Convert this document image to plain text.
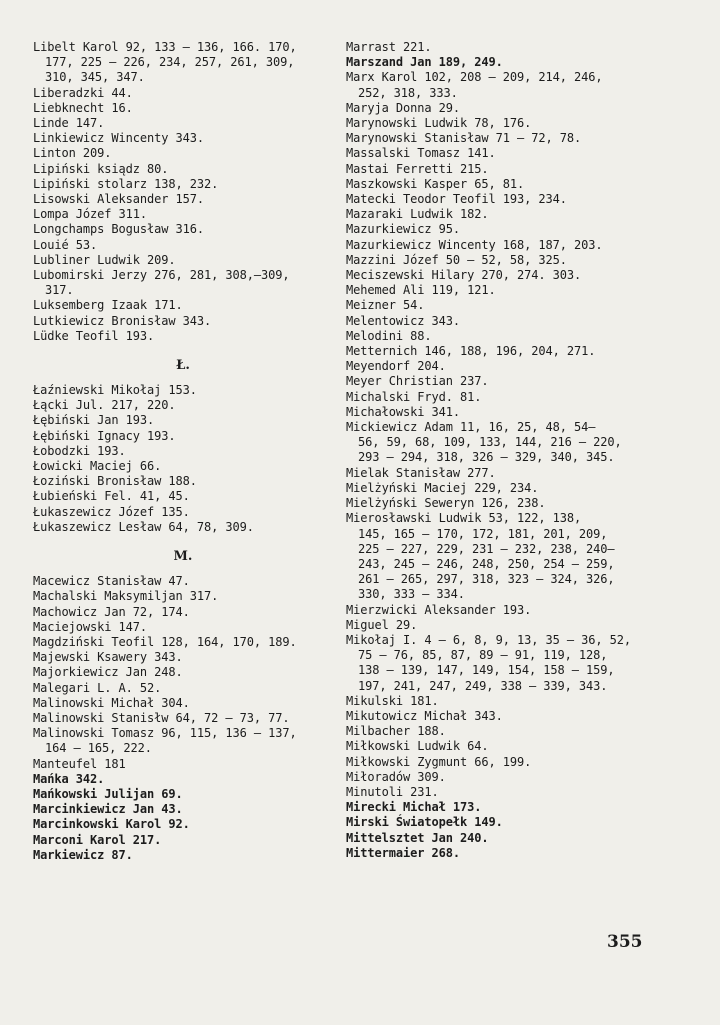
Libelt Karol 92, 133 — 136, 166. 170,
177, 225 — 226, 234, 257, 261, 309,
310, 345, 347.
Liberadzki 44.
Liebknecht 16.
Linde 147.
Linkiewicz Wincenty 343.
Linton 209.
Lipiński ksiądz 80.
Lipiński stolarz 138, 232.
Lisowski Aleksander 157.
Lompa Józef 311.
Longchamps Bogusław 316.
Louié 53.
Lubliner Ludwik 209.
Lubomirski Jerzy 276, 281, 308,—309,
317.
Luksemberg Izaak 171.
Lutkiewicz Bronisław 343.
Lüdke Teofil 193.
Ł.
Łaźniewski Mikołaj 153.
Łącki Jul. 217, 220.
Łębiński Jan 193.
Łębiński Ignacy 193.
Łobodzki 193.
Łowicki Maciej 66.
Łoziński Bronisław 188.
Łubieński Fel. 41, 45.
Łukaszewicz Józef 135.
Łukaszewicz Lesław 64, 78, 309.
M.
Macewicz Stanisław 47.
Machalski Maksymiljan 317.
Machowicz Jan 72, 174.
Maciejowski 147.
Magdziński Teofil 128, 164, 170, 189.
Majewski Ksawery 343.
Majorkiewicz Jan 248.
Malegari L. A. 52.
Malinowski Michał 304.
Malinowski Stanisłw 64, 72 — 73, 77.
Malinowski Tomasz 96, 115, 136 — 137,
164 — 165, 222.
Manteufel 181
Mańka 342.
Mańkowski Julijan 69.
Marcinkiewicz Jan 43.
Marcinkowski Karol 92.
Marconi Karol 217.
Markiewicz 87.
Marrast 221.
Marszand Jan 189, 249.
Marx Karol 102, 208 — 209, 214, 246,
252, 318, 333.
Maryja Donna 29.
Marynowski Ludwik 78, 176.
Marynowski Stanisław 71 — 72, 78.
Massalski Tomasz 141.
Mastai Ferretti 215.
Maszkowski Kasper 65, 81.
Matecki Teodor Teofil 193, 234.
Mazaraki Ludwik 182.
Mazurkiewicz 95.
Mazurkiewicz Wincenty 168, 187, 203.
Mazzini Józef 50 — 52, 58, 325.
Meciszewski Hilary 270, 274. 303.
Mehemed Ali 119, 121.
Meizner 54.
Melentowicz 343.
Melodini 88.
Metternich 146, 188, 196, 204, 271.
Meyendorf 204.
Meyer Christian 237.
Michalski Fryd. 81.
Michałowski 341.
Mickiewicz Adam 11, 16, 25, 48, 54—
56, 59, 68, 109, 133, 144, 216 — 220,
293 — 294, 318, 326 — 329, 340, 345.
Mielak Stanisław 277.
Mielżyński Maciej 229, 234.
Mielżyński Seweryn 126, 238.
Mierosławski Ludwik 53, 122, 138,
145, 165 — 170, 172, 181, 201, 209,
225 — 227, 229, 231 — 232, 238, 240—
243, 245 — 246, 248, 250, 254 — 259,
261 — 265, 297, 318, 323 — 324, 326,
330, 333 — 334.
Mierzwicki Aleksander 193.
Miguel 29.
Mikołaj I. 4 — 6, 8, 9, 13, 35 — 36, 52,
75 — 76, 85, 87, 89 — 91, 119, 128,
138 — 139, 147, 149, 154, 158 — 159,
197, 241, 247, 249, 338 — 339, 343.
Mikulski 181.
Mikutowicz Michał 343.
Milbacher 188.
Miłkowski Ludwik 64.
Miłkowski Zygmunt 66, 199.
Miłoradów 309.
Minutoli 231.
Mirecki Michał 173.
Mirski Światopełk 149.
Mittelsztet Jan 240.
Mittermaier 268.
355
